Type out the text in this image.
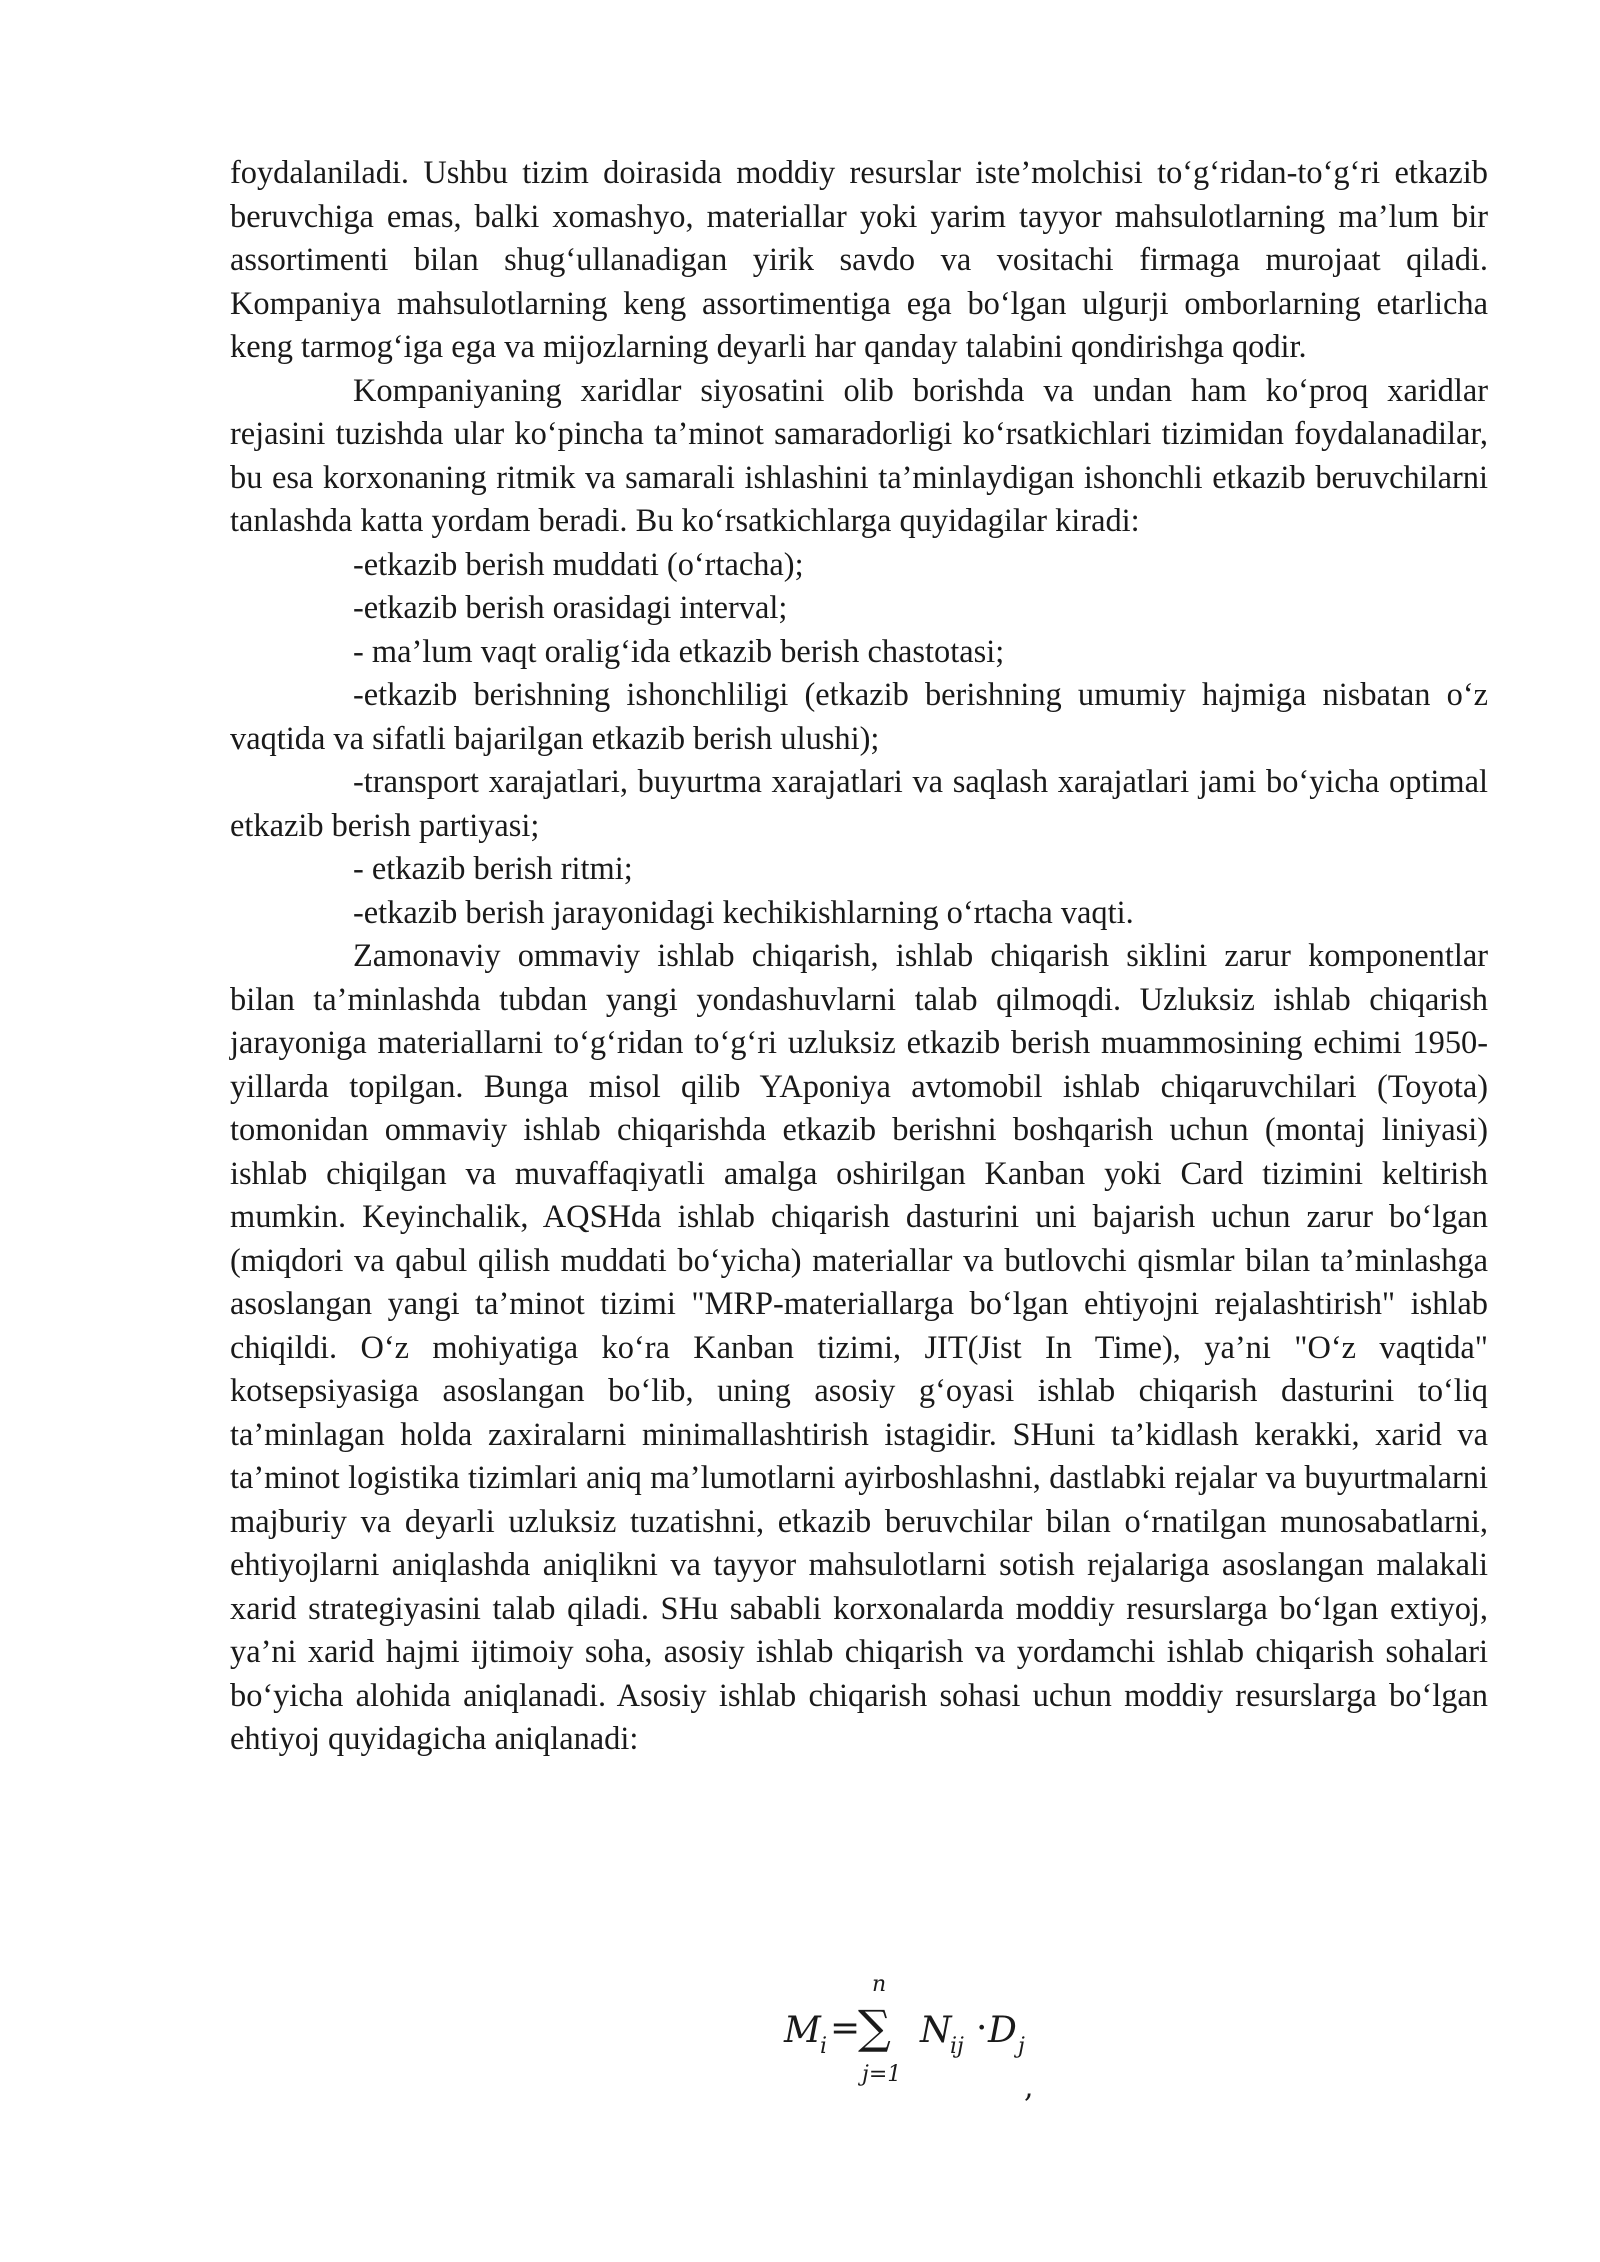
foydalaniladi. Ushbu tizim doirasida moddiy resurslar iste’molchisi to‘g‘ridan-to‘g‘ri etkazib beruvchiga emas, balki xomashyo, materiallar yoki yarim tayyor mahsulotlarning ma’lum bir assortimenti bilan shug‘ullanadigan yirik savdo va vositachi firmaga murojaat qiladi. Kompaniya mahsulotlarning keng assortimentiga ega bo‘lgan ulgurji omborlarning etarlicha keng tarmog‘iga ega va mijozlarning deyarli har qanday talabini qondirishga qodir.

Kompaniyaning xaridlar siyosatini olib borishda va undan ham ko‘proq xaridlar rejasini tuzishda ular ko‘pincha ta’minot samaradorligi ko‘rsatkichlari tizimidan foydalanadilar, bu esa korxonaning ritmik va samarali ishlashini ta’minlaydigan ishonchli etkazib beruvchilarni tanlashda katta yordam beradi. Bu ko‘rsatkichlarga quyidagilar kiradi:

-etkazib berish muddati (o‘rtacha);

-etkazib berish orasidagi interval;

- ma’lum vaqt oralig‘ida etkazib berish chastotasi;

-etkazib berishning ishonchliligi (etkazib berishning umumiy hajmiga nisbatan o‘z vaqtida va sifatli bajarilgan etkazib berish ulushi);

-transport xarajatlari, buyurtma xarajatlari va saqlash xarajatlari jami bo‘yicha optimal etkazib berish partiyasi;

- etkazib berish ritmi;

-etkazib berish jarayonidagi kechikishlarning o‘rtacha vaqti.

Zamonaviy ommaviy ishlab chiqarish, ishlab chiqarish siklini zarur komponentlar bilan ta’minlashda tubdan yangi yondashuvlarni talab qilmoqdi. Uzluksiz ishlab chiqarish jarayoniga materiallarni to‘g‘ridan to‘g‘ri uzluksiz etkazib berish muammosining echimi 1950-yillarda topilgan. Bunga misol qilib YAponiya avtomobil ishlab chiqaruvchilari (Toyota) tomonidan ommaviy ishlab chiqarishda etkazib berishni boshqarish uchun (montaj liniyasi) ishlab chiqilgan va muvaffaqiyatli amalga oshirilgan Kanban yoki Card tizimini keltirish mumkin. Keyinchalik, AQSHda ishlab chiqarish dasturini uni bajarish uchun zarur bo‘lgan (miqdori va qabul qilish muddati bo‘yicha) materiallar va butlovchi qismlar bilan ta’minlashga asoslangan yangi ta’minot tizimi "MRP-materiallarga bo‘lgan ehtiyojni rejalashtirish" ishlab chiqildi. O‘z mohiyatiga ko‘ra Kanban tizimi, JIT(Jist In Time), ya’ni "O‘z vaqtida" kotsepsiyasiga asoslangan bo‘lib, uning asosiy g‘oyasi ishlab chiqarish dasturini to‘liq ta’minlagan holda zaxiralarni minimallashtirish istagidir. SHuni ta’kidlash kerakki, xarid va ta’minot logistika tizimlari aniq ma’lumotlarni ayirboshlashni, dastlabki rejalar va buyurtmalarni majburiy va deyarli uzluksiz tuzatishni, etkazib beruvchilar bilan o‘rnatilgan munosabatlarni, ehtiyojlarni aniqlashda aniqlikni va tayyor mahsulotlarni sotish rejalariga asoslangan malakali xarid strategiyasini talab qiladi. SHu sababli korxonalarda moddiy resurslarga bo‘lgan extiyoj, ya’ni xarid hajmi ijtimoiy soha, asosiy ishlab chiqarish va yordamchi ishlab chiqarish sohalari bo‘yicha alohida aniqlanadi. Asosiy ishlab chiqarish sohasi uchun moddiy resurslarga bo‘lgan ehtiyoj quyidagicha aniqlanadi:

M i =
n
∑
j=1
N
ij · D j
,
